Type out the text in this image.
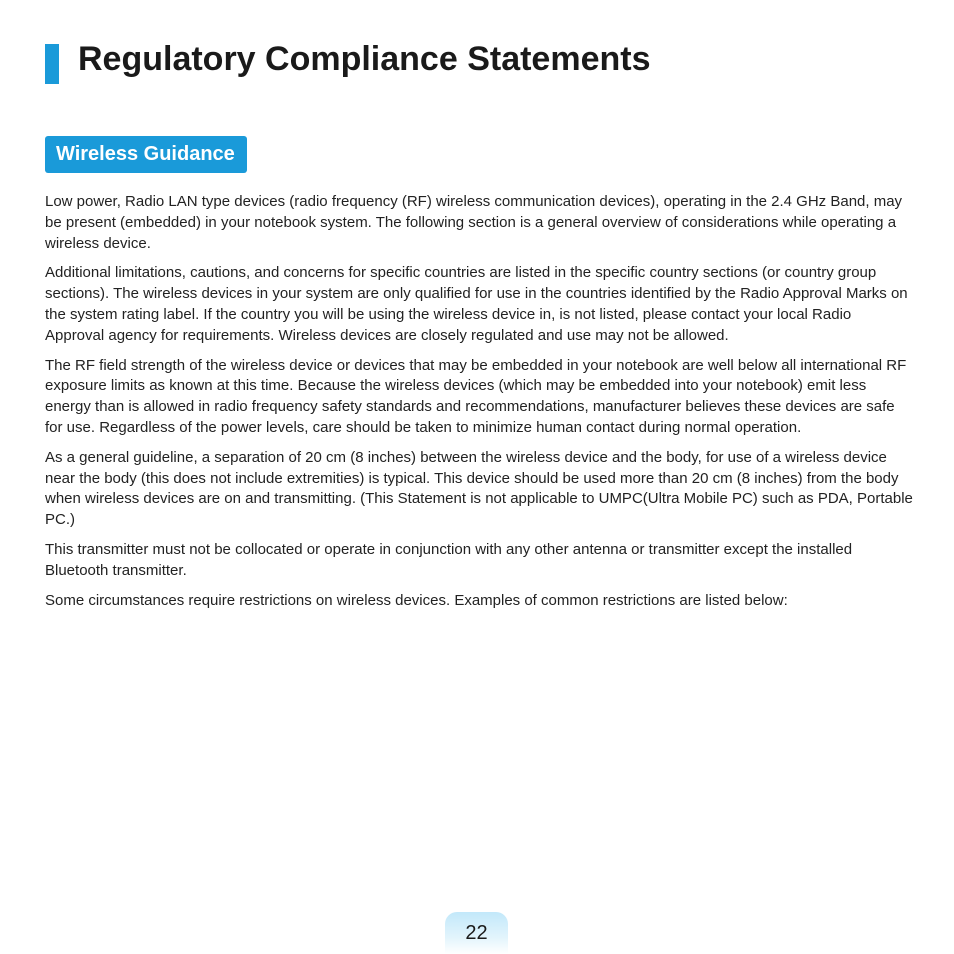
Regulatory Compliance Statements
Wireless Guidance

Low power, Radio LAN type devices (radio frequency (RF) wireless communication devices), operating in the 2.4 GHz Band, may be present (embedded) in your notebook system. The following section is a general overview of considerations while operating a wireless device.

Additional limitations, cautions, and concerns for specific countries are listed in the specific country sections (or country group sections). The wireless devices in your system are only qualified for use in the countries identified by the Radio Approval Marks on the system rating label. If the country you will be using the wireless device in, is not listed, please contact your local Radio Approval agency for requirements. Wireless devices are closely regulated and use may not be allowed.

The RF field strength of the wireless device or devices that may be embedded in your notebook are well below all international RF exposure limits as known at this time. Because the wireless devices (which may be embedded into your notebook) emit less energy than is allowed in radio frequency safety standards and recommendations, manufacturer believes these devices are safe for use. Regardless of the power levels, care should be taken to minimize human contact during normal operation.

As a general guideline, a separation of 20 cm (8 inches) between the wireless device and the body, for use of a wireless device near the body (this does not include extremities) is typical. This device should be used more than 20 cm (8 inches) from the body when wireless devices are on and transmitting. (This Statement is not applicable to UMPC(Ultra Mobile PC) such as PDA, Portable PC.)

This transmitter must not be collocated or operate in conjunction with any other antenna or transmitter except the installed Bluetooth transmitter.

Some circumstances require restrictions on wireless devices. Examples of common restrictions are listed below:

22
